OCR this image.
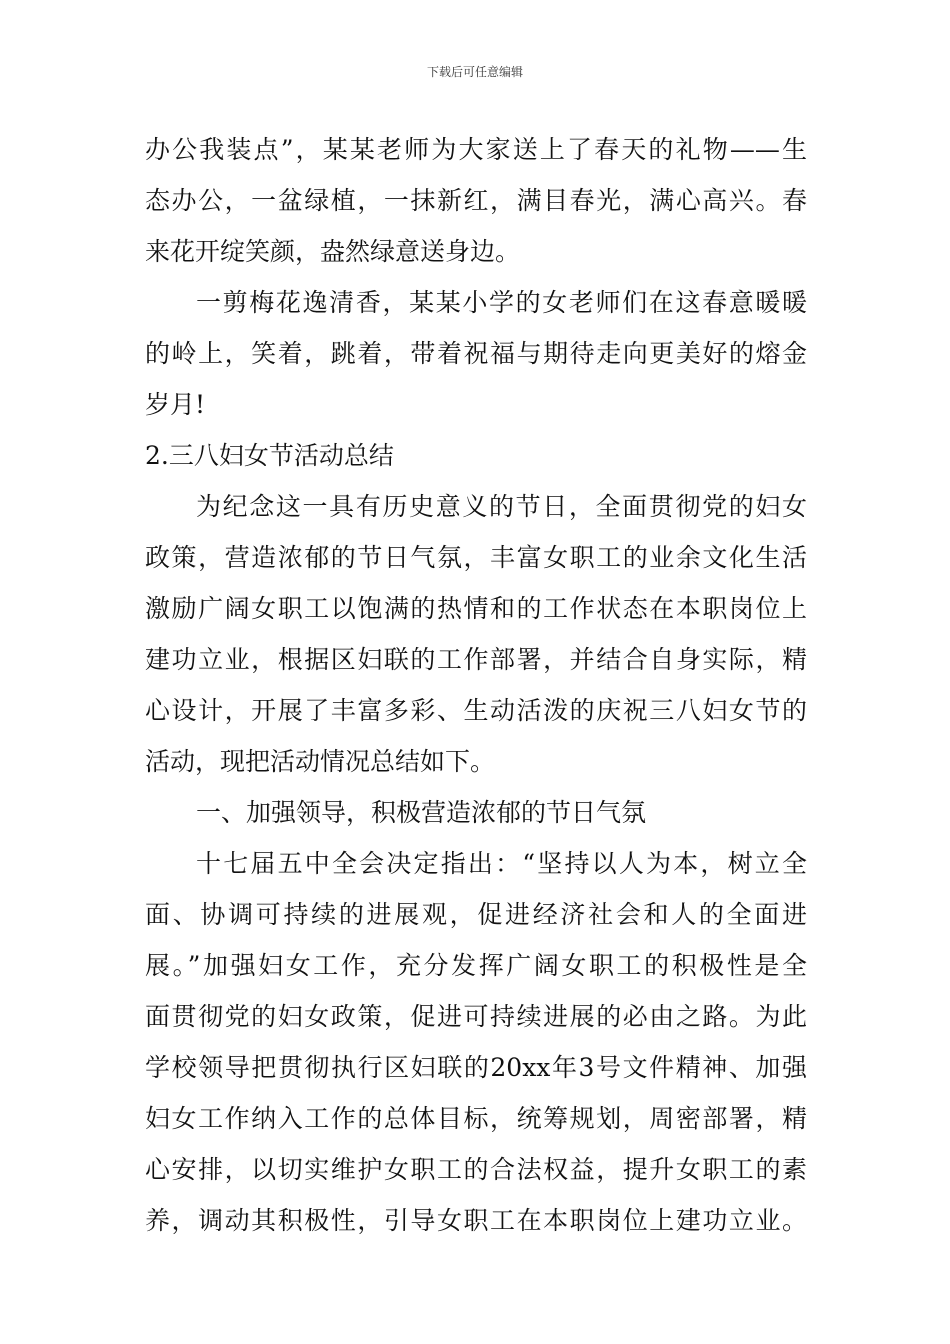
下载后可任意编辑
办公我装点”，某某老师为大家送上了春天的礼物——生
态办公，一盆绿植，一抹新红，满目春光，满心高兴。春
来花开绽笑颜，盎然绿意送身边。
一剪梅花逸清香，某某小学的女老师们在这春意暖暖
的岭上，笑着，跳着，带着祝福与期待走向更美好的熔金
岁月!
2.三八妇女节活动总结
为纪念这一具有历史意义的节日，全面贯彻党的妇女
政策，营造浓郁的节日气氛，丰富女职工的业余文化生活
激励广阔女职工以饱满的热情和的工作状态在本职岗位上
建功立业，根据区妇联的工作部署，并结合自身实际，精
心设计，开展了丰富多彩、生动活泼的庆祝三八妇女节的
活动，现把活动情况总结如下。
一、加强领导，积极营造浓郁的节日气氛
十七届五中全会决定指出：“坚持以人为本，树立全
面、协调可持续的进展观，促进经济社会和人的全面进
展。”加强妇女工作，充分发挥广阔女职工的积极性是全
面贯彻党的妇女政策，促进可持续进展的必由之路。为此
学校领导把贯彻执行区妇联的20xx年3号文件精神、加强
妇女工作纳入工作的总体目标，统筹规划，周密部署，精
心安排，以切实维护女职工的合法权益，提升女职工的素
养，调动其积极性，引导女职工在本职岗位上建功立业。
